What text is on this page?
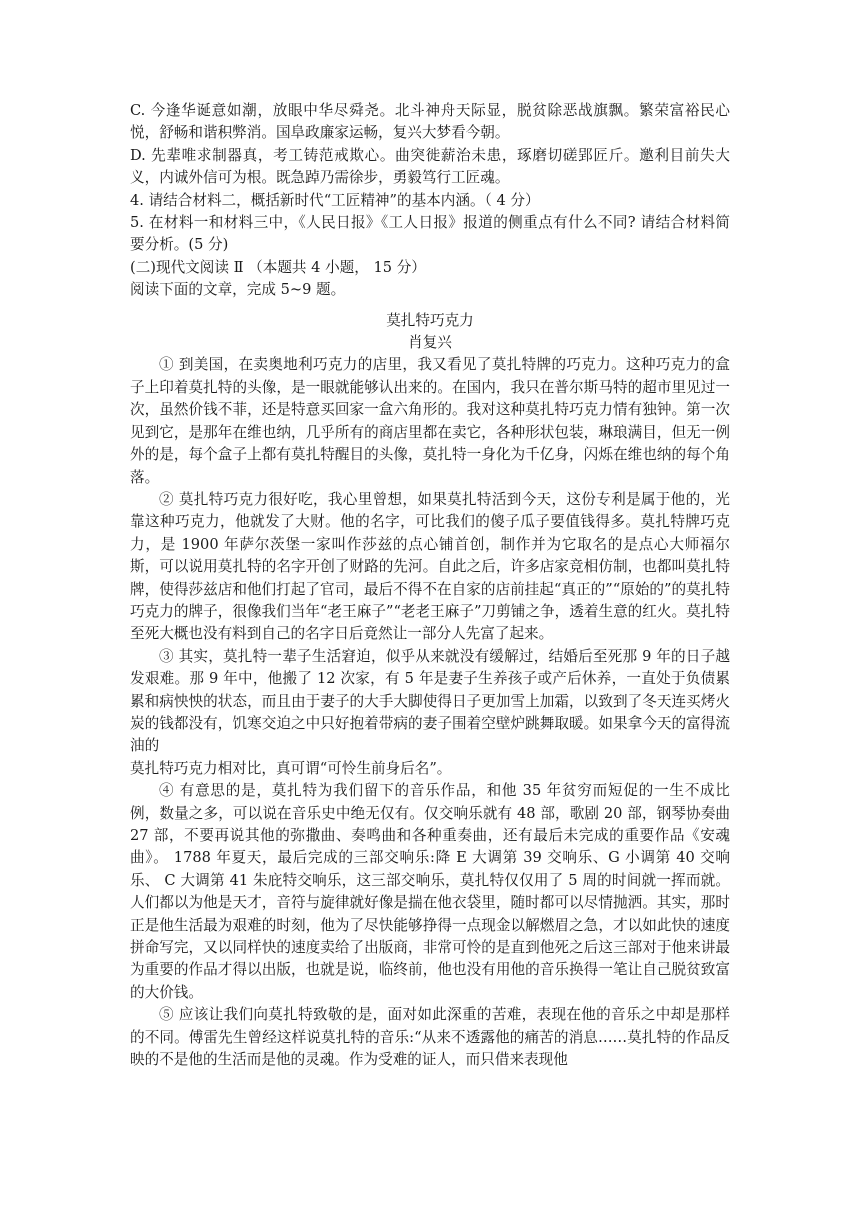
C. 今逢华诞意如潮，放眼中华尽舜尧。北斗神舟天际显，脱贫除恶战旗飘。繁荣富裕民心悦，舒畅和谐积弊消。国阜政廉家运畅，复兴大梦看今朝。

D. 先辈唯求制器真，考工铸范戒欺心。曲突徙薪治未患，琢磨切磋郢匠斤。邀利目前失大义，内诚外信可为根。既急踔乃需徐步，勇毅笃行工匠魂。

4. 请结合材料二，概括新时代“工匠精神”的基本内涵。（ 4 分）

5. 在材料一和材料三中，《人民日报》《工人日报》报道的侧重点有什么不同? 请结合材料简要分析。(5 分)

(二)现代文阅读 Ⅱ （本题共 4 小题， 15 分）

阅读下面的文章，完成 5~9 题。

莫扎特巧克力

肖复兴

① 到美国，在卖奥地利巧克力的店里，我又看见了莫扎特牌的巧克力。这种巧克力的盒子上印着莫扎特的头像，是一眼就能够认出来的。在国内，我只在普尔斯马特的超市里见过一次，虽然价钱不菲，还是特意买回家一盒六角形的。我对这种莫扎特巧克力情有独钟。第一次见到它，是那年在维也纳，几乎所有的商店里都在卖它，各种形状包装，琳琅满目，但无一例外的是，每个盒子上都有莫扎特醒目的头像，莫扎特一身化为千亿身，闪烁在维也纳的每个角落。

② 莫扎特巧克力很好吃，我心里曾想，如果莫扎特活到今天，这份专利是属于他的，光靠这种巧克力，他就发了大财。他的名字，可比我们的傻子瓜子要值钱得多。莫扎特牌巧克力，是 1900 年萨尔茨堡一家叫作莎兹的点心铺首创，制作并为它取名的是点心大师福尔斯，可以说用莫扎特的名字开创了财路的先河。自此之后，许多店家竞相仿制，也都叫莫扎特牌，使得莎兹店和他们打起了官司，最后不得不在自家的店前挂起“真正的”“原始的”的莫扎特巧克力的牌子，很像我们当年“老王麻子”“老老王麻子”刀剪铺之争，透着生意的红火。莫扎特至死大概也没有料到自己的名字日后竟然让一部分人先富了起来。

③ 其实，莫扎特一辈子生活窘迫，似乎从来就没有缓解过，结婚后至死那 9 年的日子越发艰难。那 9 年中，他搬了 12 次家，有 5 年是妻子生养孩子或产后休养，一直处于负债累累和病怏怏的状态，而且由于妻子的大手大脚使得日子更加雪上加霜，以致到了冬天连买烤火炭的钱都没有，饥寒交迫之中只好抱着带病的妻子围着空壁炉跳舞取暖。如果拿今天的富得流油的

莫扎特巧克力相对比，真可谓“可怜生前身后名”。

④ 有意思的是，莫扎特为我们留下的音乐作品，和他 35 年贫穷而短促的一生不成比例，数量之多，可以说在音乐史中绝无仅有。仅交响乐就有 48 部，歌剧 20 部，钢琴协奏曲 27 部，不要再说其他的弥撒曲、奏鸣曲和各种重奏曲，还有最后未完成的重要作品《安魂曲》。 1788 年夏天，最后完成的三部交响乐:降 E 大调第 39 交响乐、G 小调第 40 交响乐、 C 大调第 41 朱庇特交响乐，这三部交响乐，莫扎特仅仅用了 5 周的时间就一挥而就。人们都以为他是天才，音符与旋律就好像是揣在他衣袋里，随时都可以尽情抛洒。其实，那时正是他生活最为艰难的时刻，他为了尽快能够挣得一点现金以解燃眉之急，才以如此快的速度拼命写完，又以同样快的速度卖给了出版商，非常可怜的是直到他死之后这三部对于他来讲最为重要的作品才得以出版，也就是说，临终前，他也没有用他的音乐换得一笔让自己脱贫致富的大价钱。

⑤ 应该让我们向莫扎特致敬的是，面对如此深重的苦难，表现在他的音乐之中却是那样的不同。傅雷先生曾经这样说莫扎特的音乐:“从来不透露他的痛苦的消息……莫扎特的作品反映的不是他的生活而是他的灵魂。作为受难的证人，而只借来表现他
